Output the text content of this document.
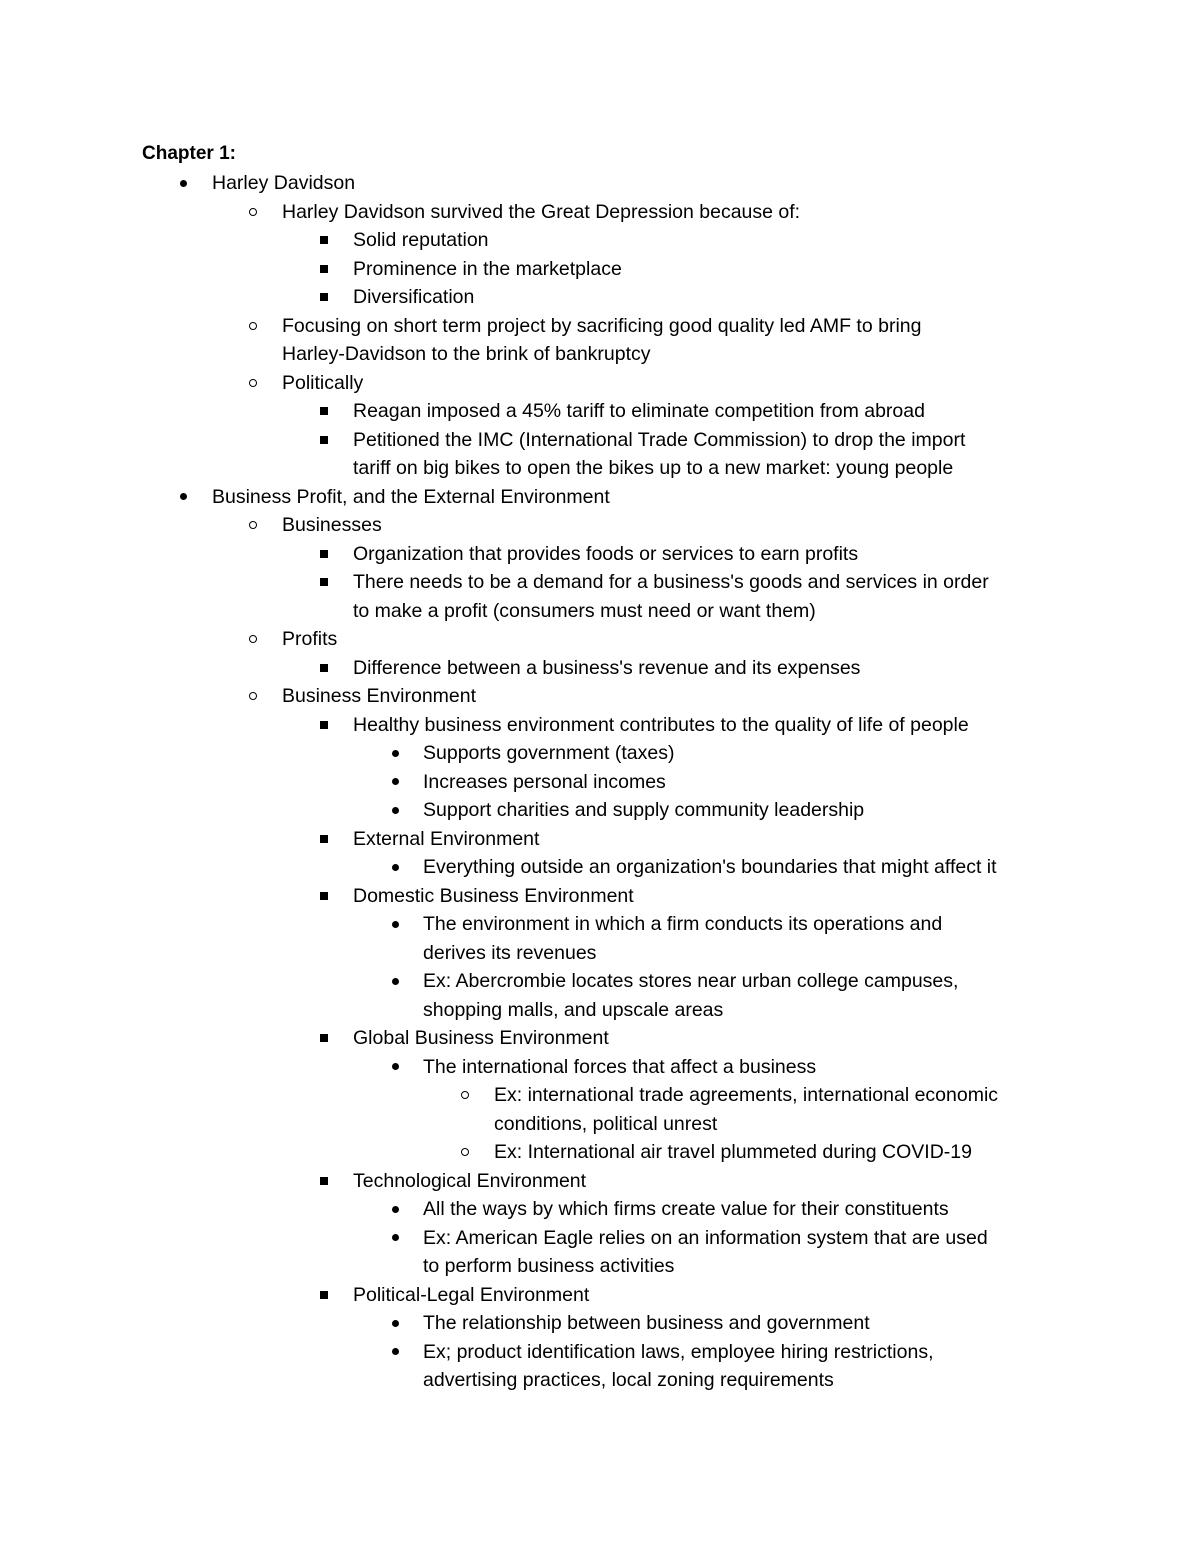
Chapter 1:
Harley Davidson
Harley Davidson survived the Great Depression because of:
Solid reputation
Prominence in the marketplace
Diversification
Focusing on short term project by sacrificing good quality led AMF to bring
Harley-Davidson to the brink of bankruptcy
Politically
Reagan imposed a 45% tariff to eliminate competition from abroad
Petitioned the IMC (International Trade Commission) to drop the import
tariff on big bikes to open the bikes up to a new market: young people
Business Profit, and the External Environment
Businesses
Organization that provides foods or services to earn profits
There needs to be a demand for a business's goods and services in order
to make a profit (consumers must need or want them)
Profits
Difference between a business's revenue and its expenses
Business Environment
Healthy business environment contributes to the quality of life of people
Supports government (taxes)
Increases personal incomes
Support charities and supply community leadership
External Environment
Everything outside an organization's boundaries that might affect it
Domestic Business Environment
The environment in which a firm conducts its operations and
derives its revenues
Ex: Abercrombie locates stores near urban college campuses,
shopping malls, and upscale areas
Global Business Environment
The international forces that affect a business
Ex: international trade agreements, international economic
conditions, political unrest
Ex: International air travel plummeted during COVID-19
Technological Environment
All the ways by which firms create value for their constituents
Ex: American Eagle relies on an information system that are used
to perform business activities
Political-Legal Environment
The relationship between business and government
Ex; product identification laws, employee hiring restrictions,
advertising practices, local zoning requirements
